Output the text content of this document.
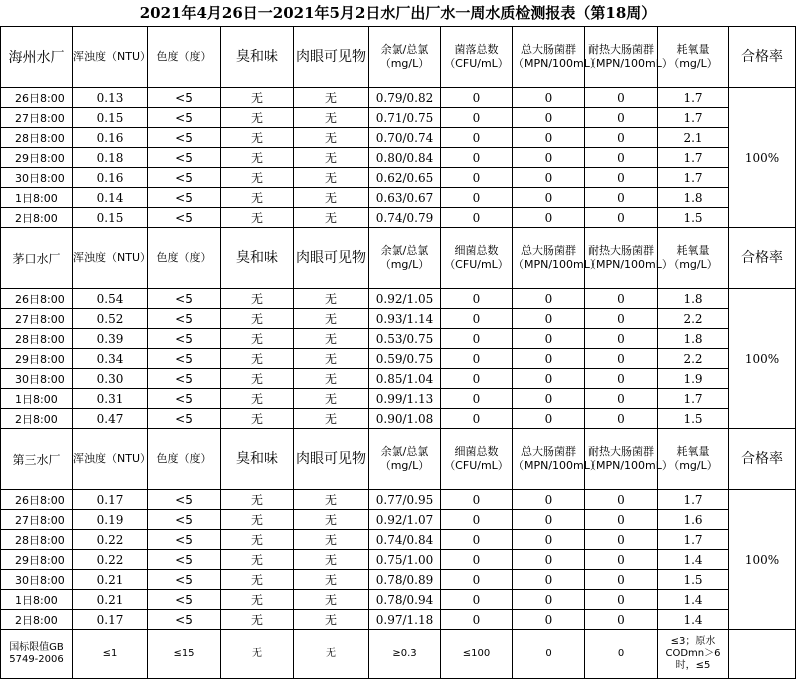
2021年4月26日一2021年5月2日水厂出厂水一周水质检测报表（第18周）
海州水厂	浑浊度（NTU）	色度（度）	臭和味	肉眼可见物	余氯/总氯（mg/L）	菌落总数（CFU/mL）	总大肠菌群（MPN/100mL）	耐热大肠菌群（MPN/100mL）	耗氧量（mg/L）	合格率
26日8:00	0.13	<5	无	无	0.79/0.82	0	0	0	1.7	100%
27日8:00	0.15	<5	无	无	0.71/0.75	0	0	0	1.7	
28日8:00	0.16	<5	无	无	0.70/0.74	0	0	0	2.1	
29日8:00	0.18	<5	无	无	0.80/0.84	0	0	0	1.7	
30日8:00	0.16	<5	无	无	0.62/0.65	0	0	0	1.7	
1日8:00	0.14	<5	无	无	0.63/0.67	0	0	0	1.8	
2日8:00	0.15	<5	无	无	0.74/0.79	0	0	0	1.5	
茅口水厂	浑浊度（NTU）	色度（度）	臭和味	肉眼可见物	余氯/总氯（mg/L）	细菌总数（CFU/mL）	总大肠菌群（MPN/100mL）	耐热大肠菌群（MPN/100mL）	耗氧量（mg/L）	合格率
26日8:00	0.54	<5	无	无	0.92/1.05	0	0	0	1.8	100%
27日8:00	0.52	<5	无	无	0.93/1.14	0	0	0	2.2	
28日8:00	0.39	<5	无	无	0.53/0.75	0	0	0	1.8	
29日8:00	0.34	<5	无	无	0.59/0.75	0	0	0	2.2	
30日8:00	0.30	<5	无	无	0.85/1.04	0	0	0	1.9	
1日8:00	0.31	<5	无	无	0.99/1.13	0	0	0	1.7	
2日8:00	0.47	<5	无	无	0.90/1.08	0	0	0	1.5	
第三水厂	浑浊度（NTU）	色度（度）	臭和味	肉眼可见物	余氯/总氯（mg/L）	细菌总数（CFU/mL）	总大肠菌群（MPN/100mL）	耐热大肠菌群（MPN/100mL）	耗氧量（mg/L）	合格率
26日8:00	0.17	<5	无	无	0.77/0.95	0	0	0	1.7	100%
27日8:00	0.19	<5	无	无	0.92/1.07	0	0	0	1.6	
28日8:00	0.22	<5	无	无	0.74/0.84	0	0	0	1.7	
29日8:00	0.22	<5	无	无	0.75/1.00	0	0	0	1.4	
30日8:00	0.21	<5	无	无	0.78/0.89	0	0	0	1.5	
1日8:00	0.21	<5	无	无	0.78/0.94	0	0	0	1.4	
2日8:00	0.17	<5	无	无	0.97/1.18	0	0	0	1.4	
国标限值GB 5749-2006	≤1	≤15	无	无	≥0.3	≤100	0	0	≤3；原水CODmn＞6时，≤5	
